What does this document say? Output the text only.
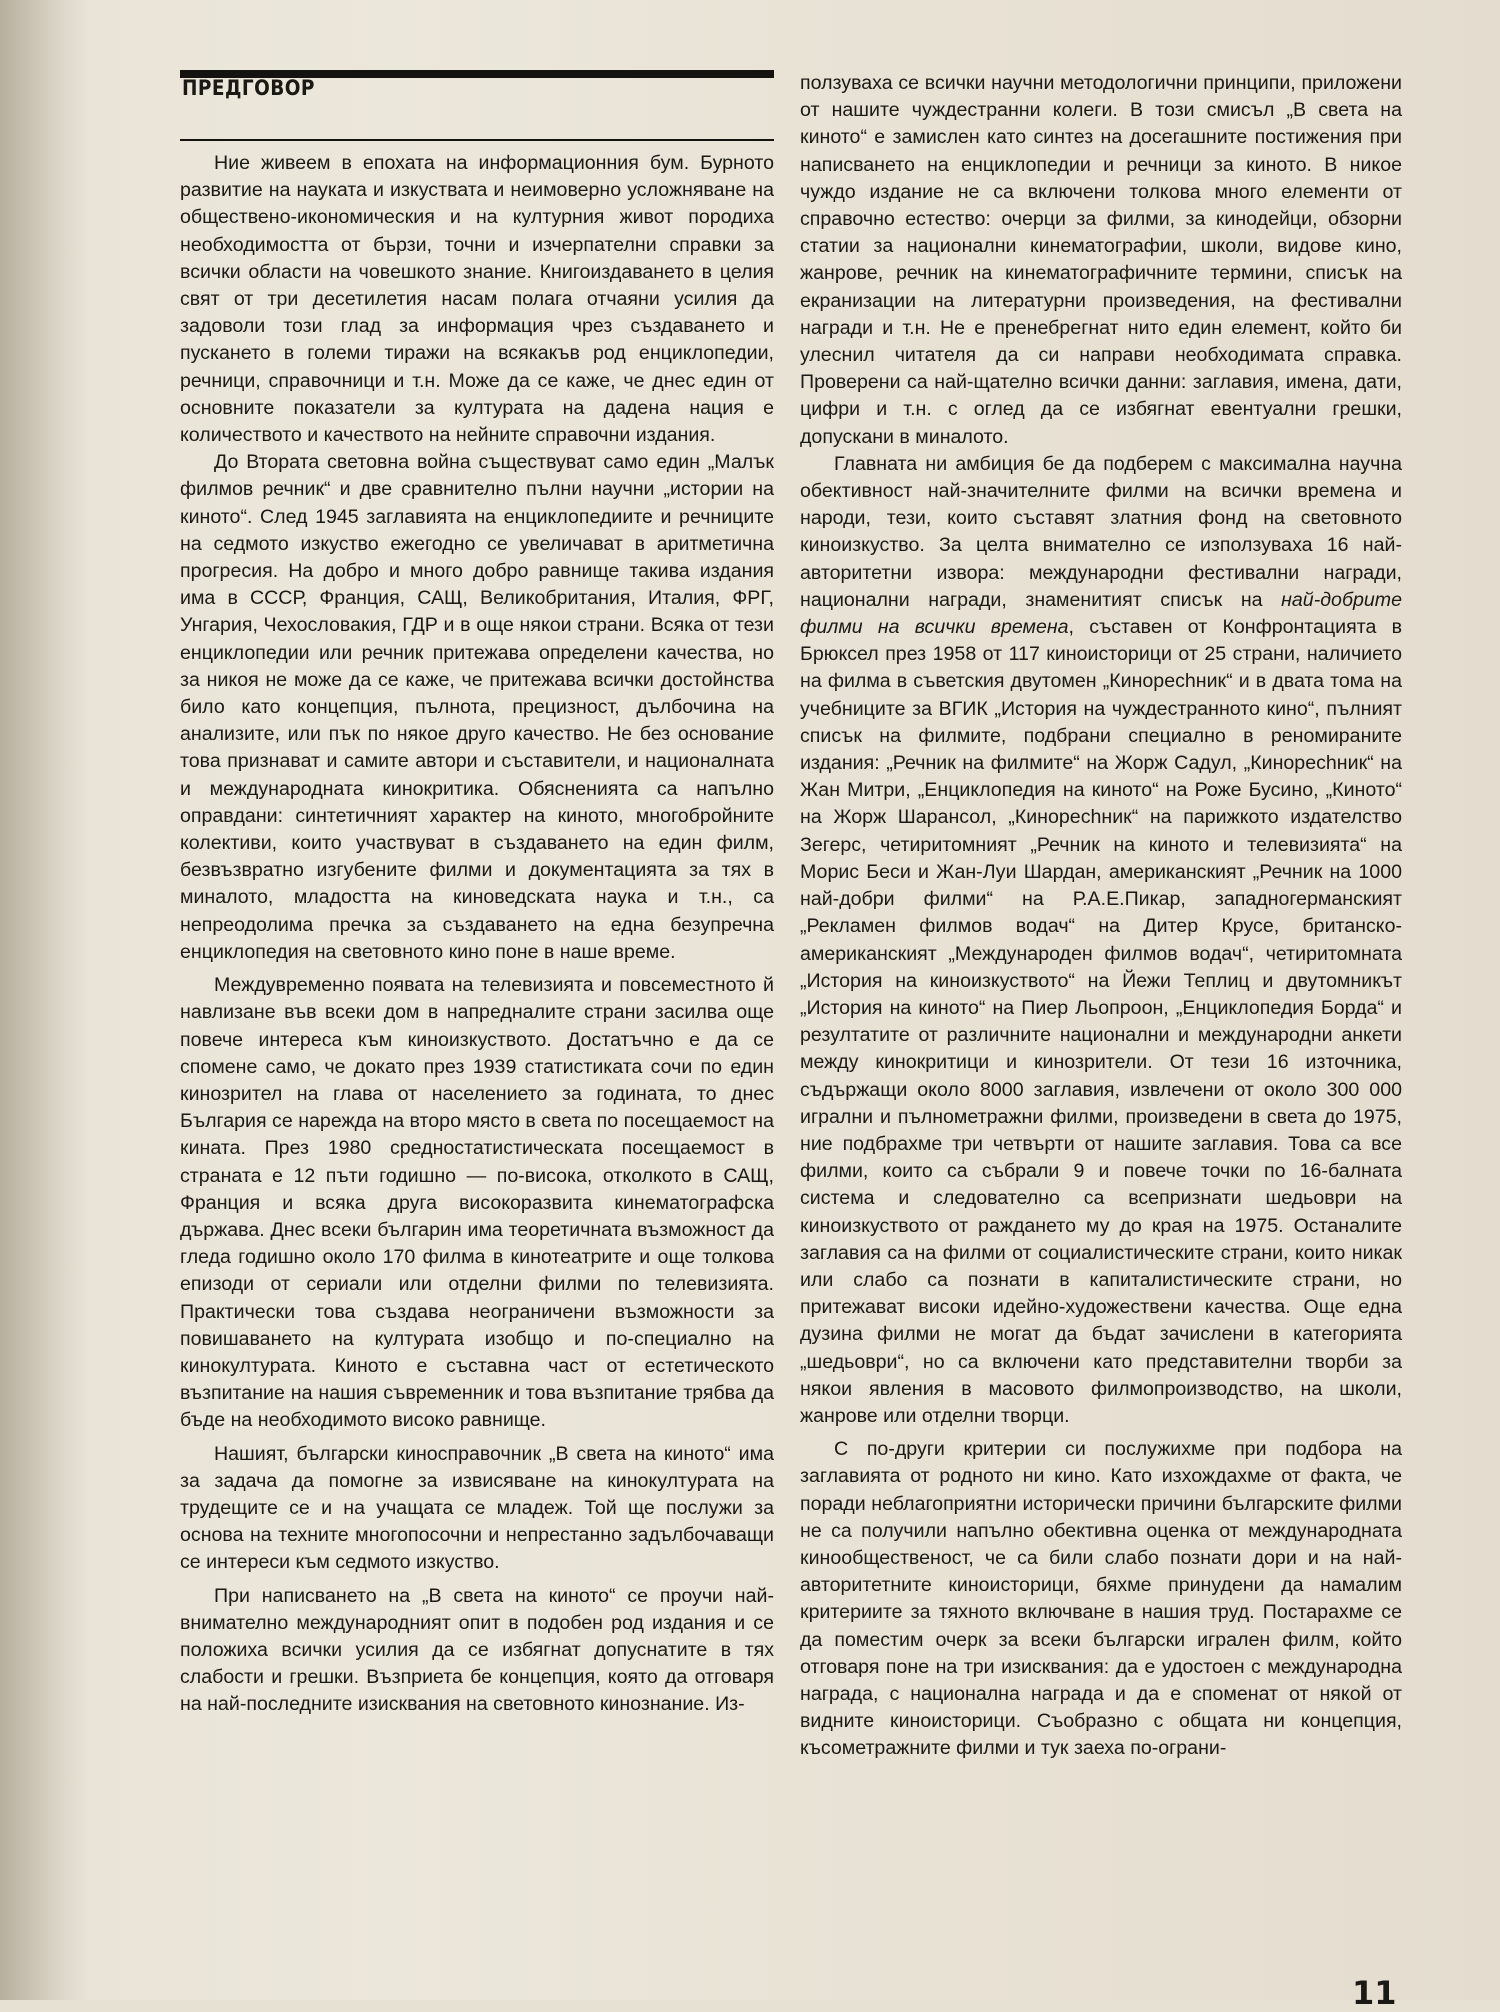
ПРЕДГОВОР

Ние живеем в епохата на информационния бум. Бурното развитие на науката и изкуствата и неимоверно усложняване на обществено-икономическия и на културния живот породиха необходимостта от бързи, точни и изчерпателни справки за всички области на човешкото знание. Книгоиздаването в целия свят от три десетилетия насам полага отчаяни усилия да задоволи този глад за информация чрез създаването и пускането в големи тиражи на всякакъв род енциклопедии, речници, справочници и т.н. Може да се каже, че днес един от основните показатели за културата на дадена нация е количеството и качеството на нейните справочни издания.

До Втората световна война съществуват само един „Малък филмов речник“ и две сравнително пълни научни „истории на киното“. След 1945 заглавията на енциклопедиите и речниците на седмото изкуство ежегодно се увеличават в аритметична прогресия. На добро и много добро равнище такива издания има в СССР, Франция, САЩ, Великобритания, Италия, ФРГ, Унгария, Чехословакия, ГДР и в още някои страни. Всяка от тези енциклопедии или речник притежава определени качества, но за никоя не може да се каже, че притежава всички достойнства било като концепция, пълнота, прецизност, дълбочина на анализите, или пък по някое друго качество. Не без основание това признават и самите автори и съставители, и националната и международната кинокритика. Обясненията са напълно оправдани: синтетичният характер на киното, многобройните колективи, които участвуват в създаването на един филм, безвъзвратно изгубените филми и документацията за тях в миналото, младостта на киноведската наука и т.н., са непреодолима пречка за създаването на една безупречна енциклопедия на световното кино поне в наше време.

Междувременно появата на телевизията и повсеместното й навлизане във всеки дом в напредналите страни засилва още повече интереса към киноизкуството. Достатъчно е да се спомене само, че докато през 1939 статистиката сочи по един кинозрител на глава от населението за годината, то днес България се нарежда на второ място в света по посещаемост на кината. През 1980 средностатистическата посещаемост в страната е 12 пъти годишно — по-висока, отколкото в САЩ, Франция и всяка друга високоразвита кинематографска държава. Днес всеки българин има теоретичната възможност да гледа годишно около 170 филма в кинотеатрите и още толкова епизоди от сериали или отделни филми по телевизията. Практически това създава неограничени възможности за повишаването на културата изобщо и по-специално на кинокултурата. Киното е съставна част от естетическото възпитание на нашия съвременник и това възпитание трябва да бъде на необходимото високо равнище.

Нашият, български киносправочник „В света на киното“ има за задача да помогне за извисяване на кинокултурата на трудещите се и на учащата се младеж. Той ще послужи за основа на техните многопосочни и непрестанно задълбочаващи се интереси към седмото изкуство.

При написването на „В света на киното“ се проучи най-внимателно международният опит в подобен род издания и се положиха всички усилия да се избягнат допуснатите в тях слабости и грешки. Възприета бе концепция, която да отговаря на най-последните изисквания на световното кинознание. Из-

ползуваха се всички научни методологични принципи, приложени от нашите чуждестранни колеги. В този смисъл „В света на киното“ е замислен като синтез на досегашните постижения при написването на енциклопедии и речници за киното. В никое чуждо издание не са включени толкова много елементи от справочно естество: очерци за филми, за кинодейци, обзорни статии за национални кинематографии, школи, видове кино, жанрове, речник на кинематографичните термини, списък на екранизации на литературни произведения, на фестивални награди и т.н. Не е пренебрегнат нито един елемент, който би улеснил читателя да си направи необходимата справка. Проверени са най-щателно всички данни: заглавия, имена, дати, цифри и т.н. с оглед да се избягнат евентуални грешки, допускани в миналото.

Главната ни амбиция бе да подберем с максимална научна обективност най-значителните филми на всички времена и народи, тези, които съставят златния фонд на световното киноизкуство. За целта внимателно се използуваха 16 най-авторитетни извора: международни фестивални награди, национални награди, знаменитият списък на най-добрите филми на всички времена, съставен от Конфронтацията в Брюксел през 1958 от 117 киноисторици от 25 страни, наличието на филма в съветския двутомен „Кинорechник“ и в двата тома на учебниците за ВГИК „История на чуждестранното кино“, пълният списък на филмите, подбрани специално в реномираните издания: „Речник на филмите“ на Жорж Садул, „Кинореchник“ на Жан Митри, „Енциклопедия на киното“ на Роже Бусино, „Киното“ на Жорж Шарансол, „Кинореchник“ на парижкото издателство Зегерс, четиритомният „Речник на киното и телевизията“ на Морис Беси и Жан-Луи Шардан, американският „Речник на 1000 най-добри филми“ на Р.А.Е.Пикар, западногерманският „Рекламен филмов водач“ на Дитер Крусе, британско-американският „Международен филмов водач“, четиритомната „История на киноизкуството“ на Йежи Теплиц и двутомникът „История на киното“ на Пиер Льопроон, „Енциклопедия Борда“ и резултатите от различните национални и международни анкети между кинокритици и кинозрители. От тези 16 източника, съдържащи около 8000 заглавия, извлечени от около 300 000 игрални и пълнометражни филми, произведени в света до 1975, ние подбрахме три четвърти от нашите заглавия. Това са все филми, които са събрали 9 и повече точки по 16-балната система и следователно са всепризнати шедьоври на киноизкуството от раждането му до края на 1975. Останалите заглавия са на филми от социалистическите страни, които никак или слабо са познати в капиталистическите страни, но притежават високи идейно-художествени качества. Още една дузина филми не могат да бъдат зачислени в категорията „шедьоври“, но са включени като представителни творби за някои явления в масовото филмопроизводство, на школи, жанрове или отделни творци.

С по-други критерии си послужихме при подбора на заглавията от родното ни кино. Като изхождахме от факта, че поради неблагоприятни исторически причини българските филми не са получили напълно обективна оценка от международната кинообщественост, че са били слабо познати дори и на най-авторитетните киноисторици, бяхме принудени да намалим критериите за тяхното включване в нашия труд. Постарахме се да поместим очерк за всеки български игрален филм, който отговаря поне на три изисквания: да е удостоен с международна награда, с национална награда и да е споменат от някой от видните киноисторици. Съобразно с общата ни концепция, късометражните филми и тук заеха по-ограни-

11
